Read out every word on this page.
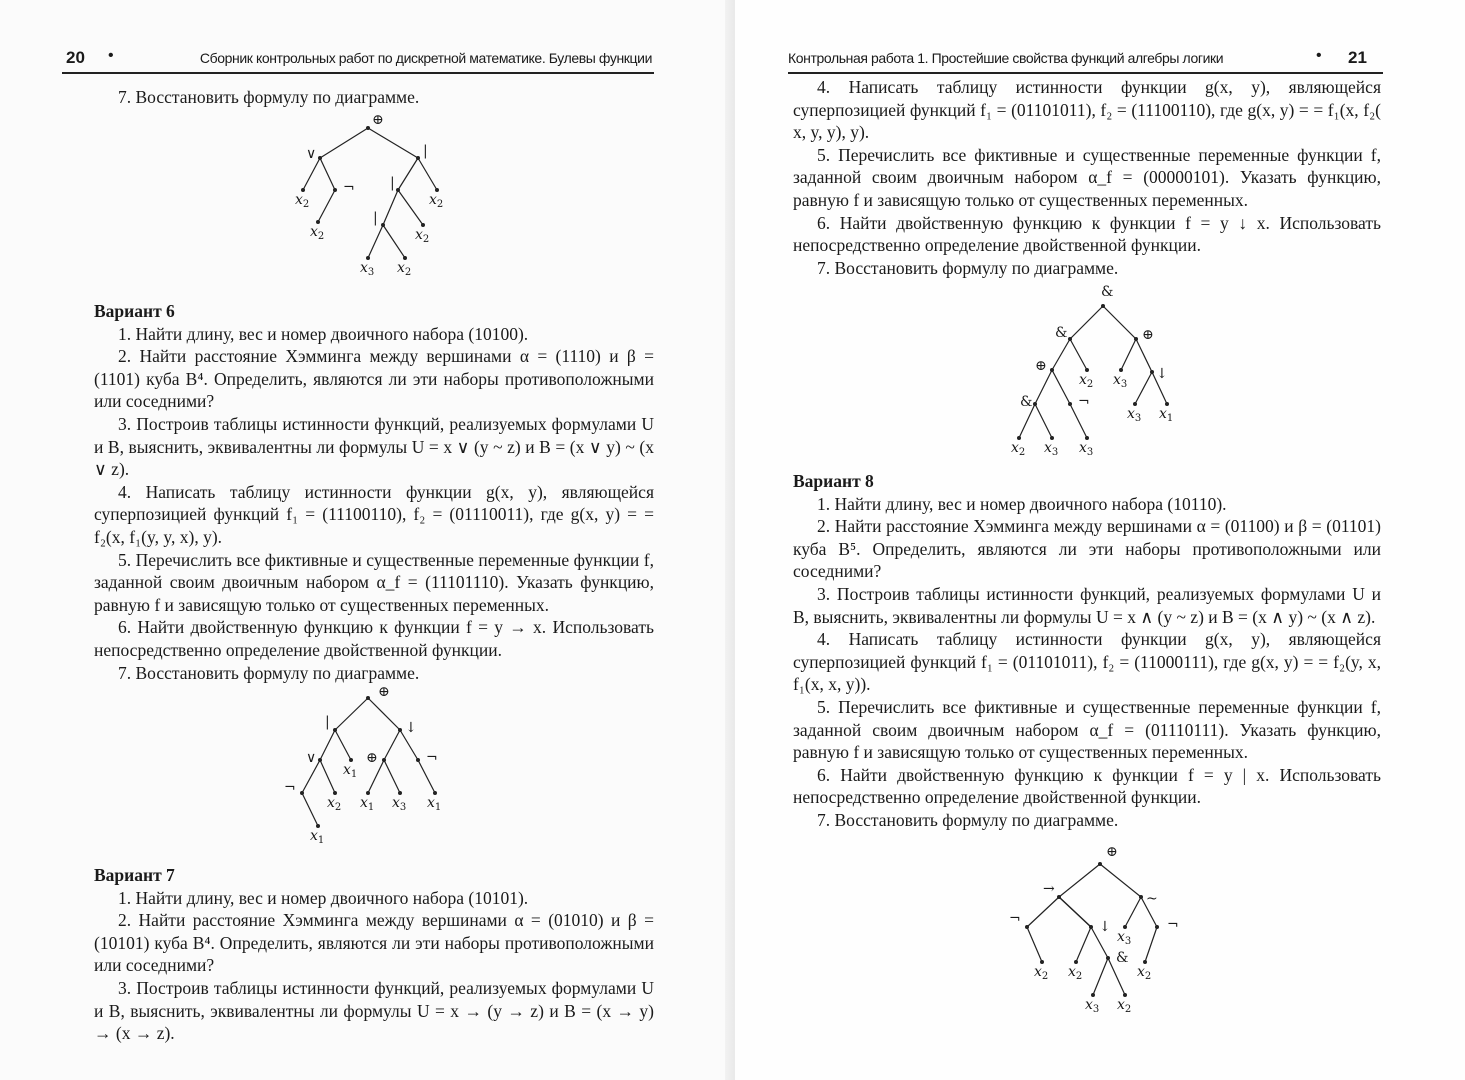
20 •	Сборник контрольных работ по дискретной математике. Булевы функции

7. Восстановить формулу по диаграмме.

⊕
∨	|
$x_2$
¬
$x_2$
|
$x_2$
|
$x_2$
$x_3$ $x_2$

Вариант 6

1. Найти длину, вес и номер двоичного набора (10100).

2. Найти расстояние Хэмминга между вершинами α = (1110) и β = (1101) куба B⁴. Определить, являются ли эти наборы противоположными или соседними?

3. Построив таблицы истинности функций, реализуемых формулами U и B, выяснить, эквивалентны ли формулы U = x ∨ (y ~ z) и B = (x ∨ y) ~ (x ∨ z).

4. Написать таблицу истинности функции g(x, y), являющейся суперпозицией функций f₁ = (11100110), f₂ = (01110011), где g(x, y) = = f₂(x, f₁(y, y, x), y).

5. Перечислить все фиктивные и существенные переменные функции f, заданной своим двоичным набором α_f = (11101110). Указать функцию, равную f и зависящую только от существенных переменных.

6. Найти двойственную функцию к функции f = y → x. Использовать непосредственно определение двойственной функции.

7. Восстановить формулу по диаграмме.

⊕
|	↓
∨
$x_1$
⊕	¬
¬
$x_2$ $x_1$ $x_3$ $x_1$
$x_1$

Вариант 7

1. Найти длину, вес и номер двоичного набора (10101).

2. Найти расстояние Хэмминга между вершинами α = (01010) и β = (10101) куба B⁴. Определить, являются ли эти наборы противоположными или соседними?

3. Построив таблицы истинности функций, реализуемых формулами U и B, выяснить, эквивалентны ли формулы U = x → (y → z) и B = (x → y) → (x → z).

Контрольная работа 1. Простейшие свойства функций алгебры логики	• 21

4. Написать таблицу истинности функции g(x, y), являющейся суперпозицией функций f₁ = (01101011), f₂ = (11100110), где g(x, y) = = f₁(x, f₂( x, y, y), y).

5. Перечислить все фиктивные и существенные переменные функции f, заданной своим двоичным набором α_f = (00000101). Указать функцию, равную f и зависящую только от существенных переменных.

6. Найти двойственную функцию к функции f = y ↓ x. Использовать непосредственно определение двойственной функции.

7. Восстановить формулу по диаграмме.

&
&	⊕
⊕
$x_2$ $x_3$
↓
&	¬
$x_3$ $x_1$
$x_2$ $x_3$ $x_3$

Вариант 8

1. Найти длину, вес и номер двоичного набора (10110).

2. Найти расстояние Хэмминга между вершинами α = (01100) и β = (01101) куба B⁵. Определить, являются ли эти наборы противоположными или соседними?

3. Построив таблицы истинности функций, реализуемых формулами U и B, выяснить, эквивалентны ли формулы U = x ∧ (y ~ z) и B = (x ∧ y) ~ (x ∧ z).

4. Написать таблицу истинности функции g(x, y), являющейся суперпозицией функций f₁ = (01101011), f₂ = (11000111), где g(x, y) = = f₂(y, x, f₁(x, x, y)).

5. Перечислить все фиктивные и существенные переменные функции f, заданной своим двоичным набором α_f = (01110111). Указать функцию, равную f и зависящую только от существенных переменных.

6. Найти двойственную функцию к функции f = y | x. Использовать непосредственно определение двойственной функции.

7. Восстановить формулу по диаграмме.

⊕
→
~
¬	↓
$x_3$
¬
$x_2$ $x_2$
&
$x_2$
$x_3$ $x_2$
